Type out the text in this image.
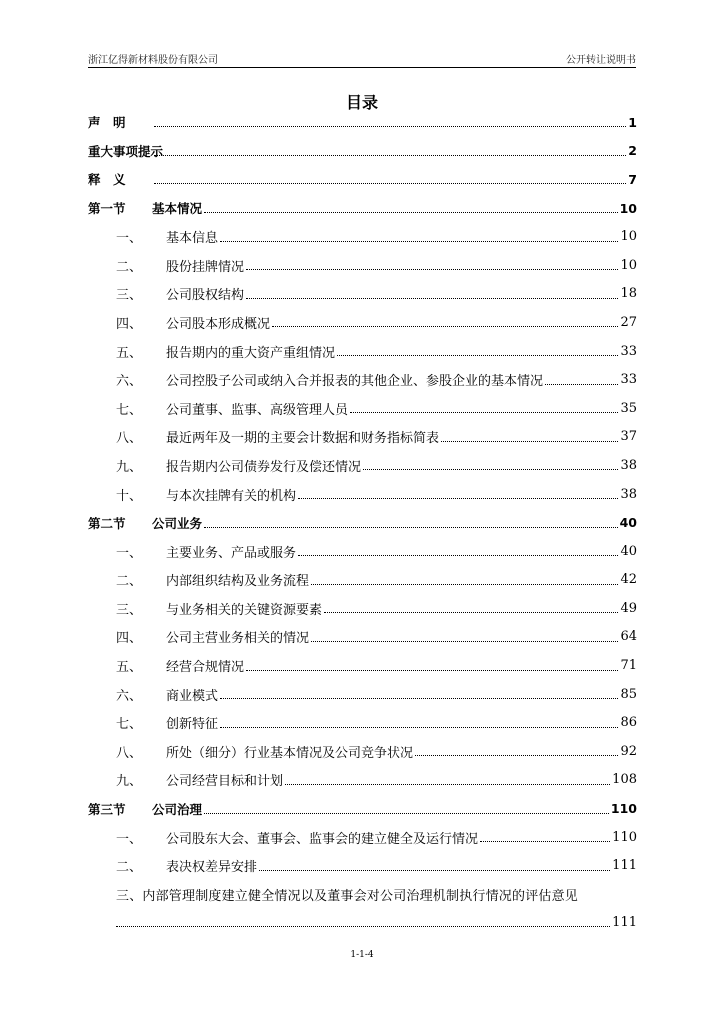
浙江亿得新材料股份有限公司	公开转让说明书
目录
声　明	1
重大事项提示	2
释　义	7
第一节	基本情况	10
一、	基本信息	10
二、	股份挂牌情况	10
三、	公司股权结构	18
四、	公司股本形成概况	27
五、	报告期内的重大资产重组情况	33
六、	公司控股子公司或纳入合并报表的其他企业、参股企业的基本情况	33
七、	公司董事、监事、高级管理人员	35
八、	最近两年及一期的主要会计数据和财务指标简表	37
九、	报告期内公司债券发行及偿还情况	38
十、	与本次挂牌有关的机构	38
第二节	公司业务	40
一、	主要业务、产品或服务	40
二、	内部组织结构及业务流程	42
三、	与业务相关的关键资源要素	49
四、	公司主营业务相关的情况	64
五、	经营合规情况	71
六、	商业模式	85
七、	创新特征	86
八、	所处（细分）行业基本情况及公司竞争状况	92
九、	公司经营目标和计划	108
第三节	公司治理	110
一、	公司股东大会、董事会、监事会的建立健全及运行情况	110
二、	表决权差异安排	111
三、内部管理制度建立健全情况以及董事会对公司治理机制执行情况的评估意见
111
1-1-4
